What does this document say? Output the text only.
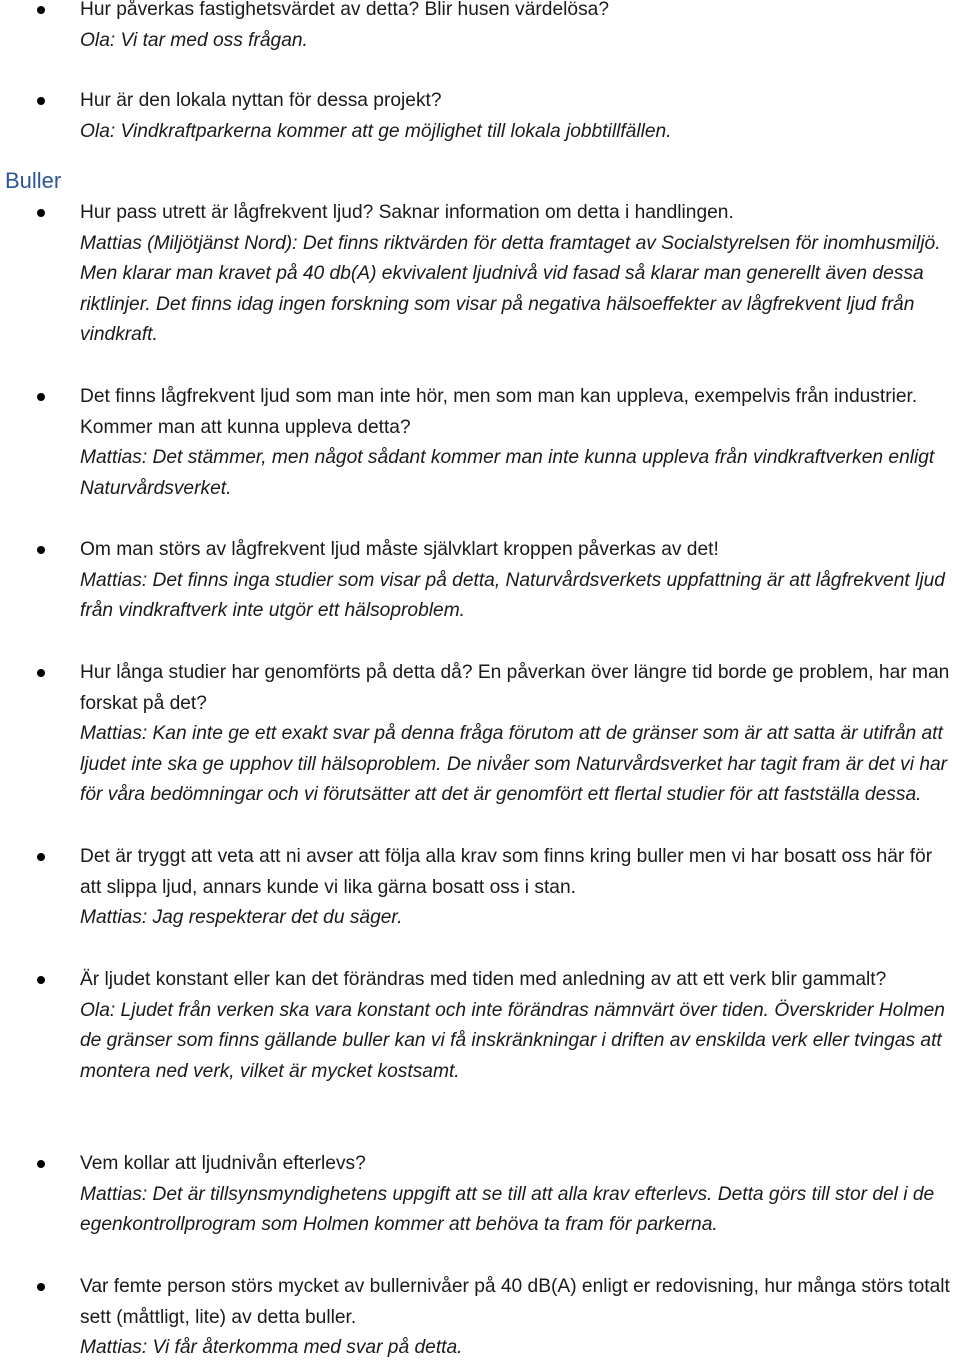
Hur påverkas fastighetsvärdet av detta? Blir husen värdelösa?

Ola: Vi tar med oss frågan.

Hur är den lokala nyttan för dessa projekt?

Ola: Vindkraftparkerna kommer att ge möjlighet till lokala jobbtillfällen.

Buller

Hur pass utrett är lågfrekvent ljud? Saknar information om detta i handlingen.

Mattias (Miljötjänst Nord): Det finns riktvärden för detta framtaget av Socialstyrelsen för inomhusmiljö. Men klarar man kravet på 40 db(A) ekvivalent ljudnivå vid fasad så klarar man generellt även dessa riktlinjer. Det finns idag ingen forskning som visar på negativa hälsoeffekter av lågfrekvent ljud från vindkraft.

Det finns lågfrekvent ljud som man inte hör, men som man kan uppleva, exempelvis från industrier. Kommer man att kunna uppleva detta?

Mattias: Det stämmer, men något sådant kommer man inte kunna uppleva från vindkraftverken enligt Naturvårdsverket.

Om man störs av lågfrekvent ljud måste självklart kroppen påverkas av det!

Mattias: Det finns inga studier som visar på detta, Naturvårdsverkets uppfattning är att lågfrekvent ljud från vindkraftverk inte utgör ett hälsoproblem.

Hur långa studier har genomförts på detta då? En påverkan över längre tid borde ge problem, har man forskat på det?

Mattias: Kan inte ge ett exakt svar på denna fråga förutom att de gränser som är att satta är utifrån att ljudet inte ska ge upphov till hälsoproblem. De nivåer som Naturvårdsverket har tagit fram är det vi har för våra bedömningar och vi förutsätter att det är genomfört ett flertal studier för att fastställa dessa.

Det är tryggt att veta att ni avser att följa alla krav som finns kring buller men vi har bosatt oss här för att slippa ljud, annars kunde vi lika gärna bosatt oss i stan.

Mattias: Jag respekterar det du säger.

Är ljudet konstant eller kan det förändras med tiden med anledning av att ett verk blir gammalt?

Ola: Ljudet från verken ska vara konstant och inte förändras nämnvärt över tiden. Överskrider Holmen de gränser som finns gällande buller kan vi få inskränkningar i driften av enskilda verk eller tvingas att montera ned verk, vilket är mycket kostsamt.

Vem kollar att ljudnivån efterlevs?

Mattias: Det är tillsynsmyndighetens uppgift att se till att alla krav efterlevs. Detta görs till stor del i de egenkontrollprogram som Holmen kommer att behöva ta fram för parkerna.

Var femte person störs mycket av bullernivåer på 40 dB(A) enligt er redovisning, hur många störs totalt sett (måttligt, lite) av detta buller.

Mattias: Vi får återkomma med svar på detta.
